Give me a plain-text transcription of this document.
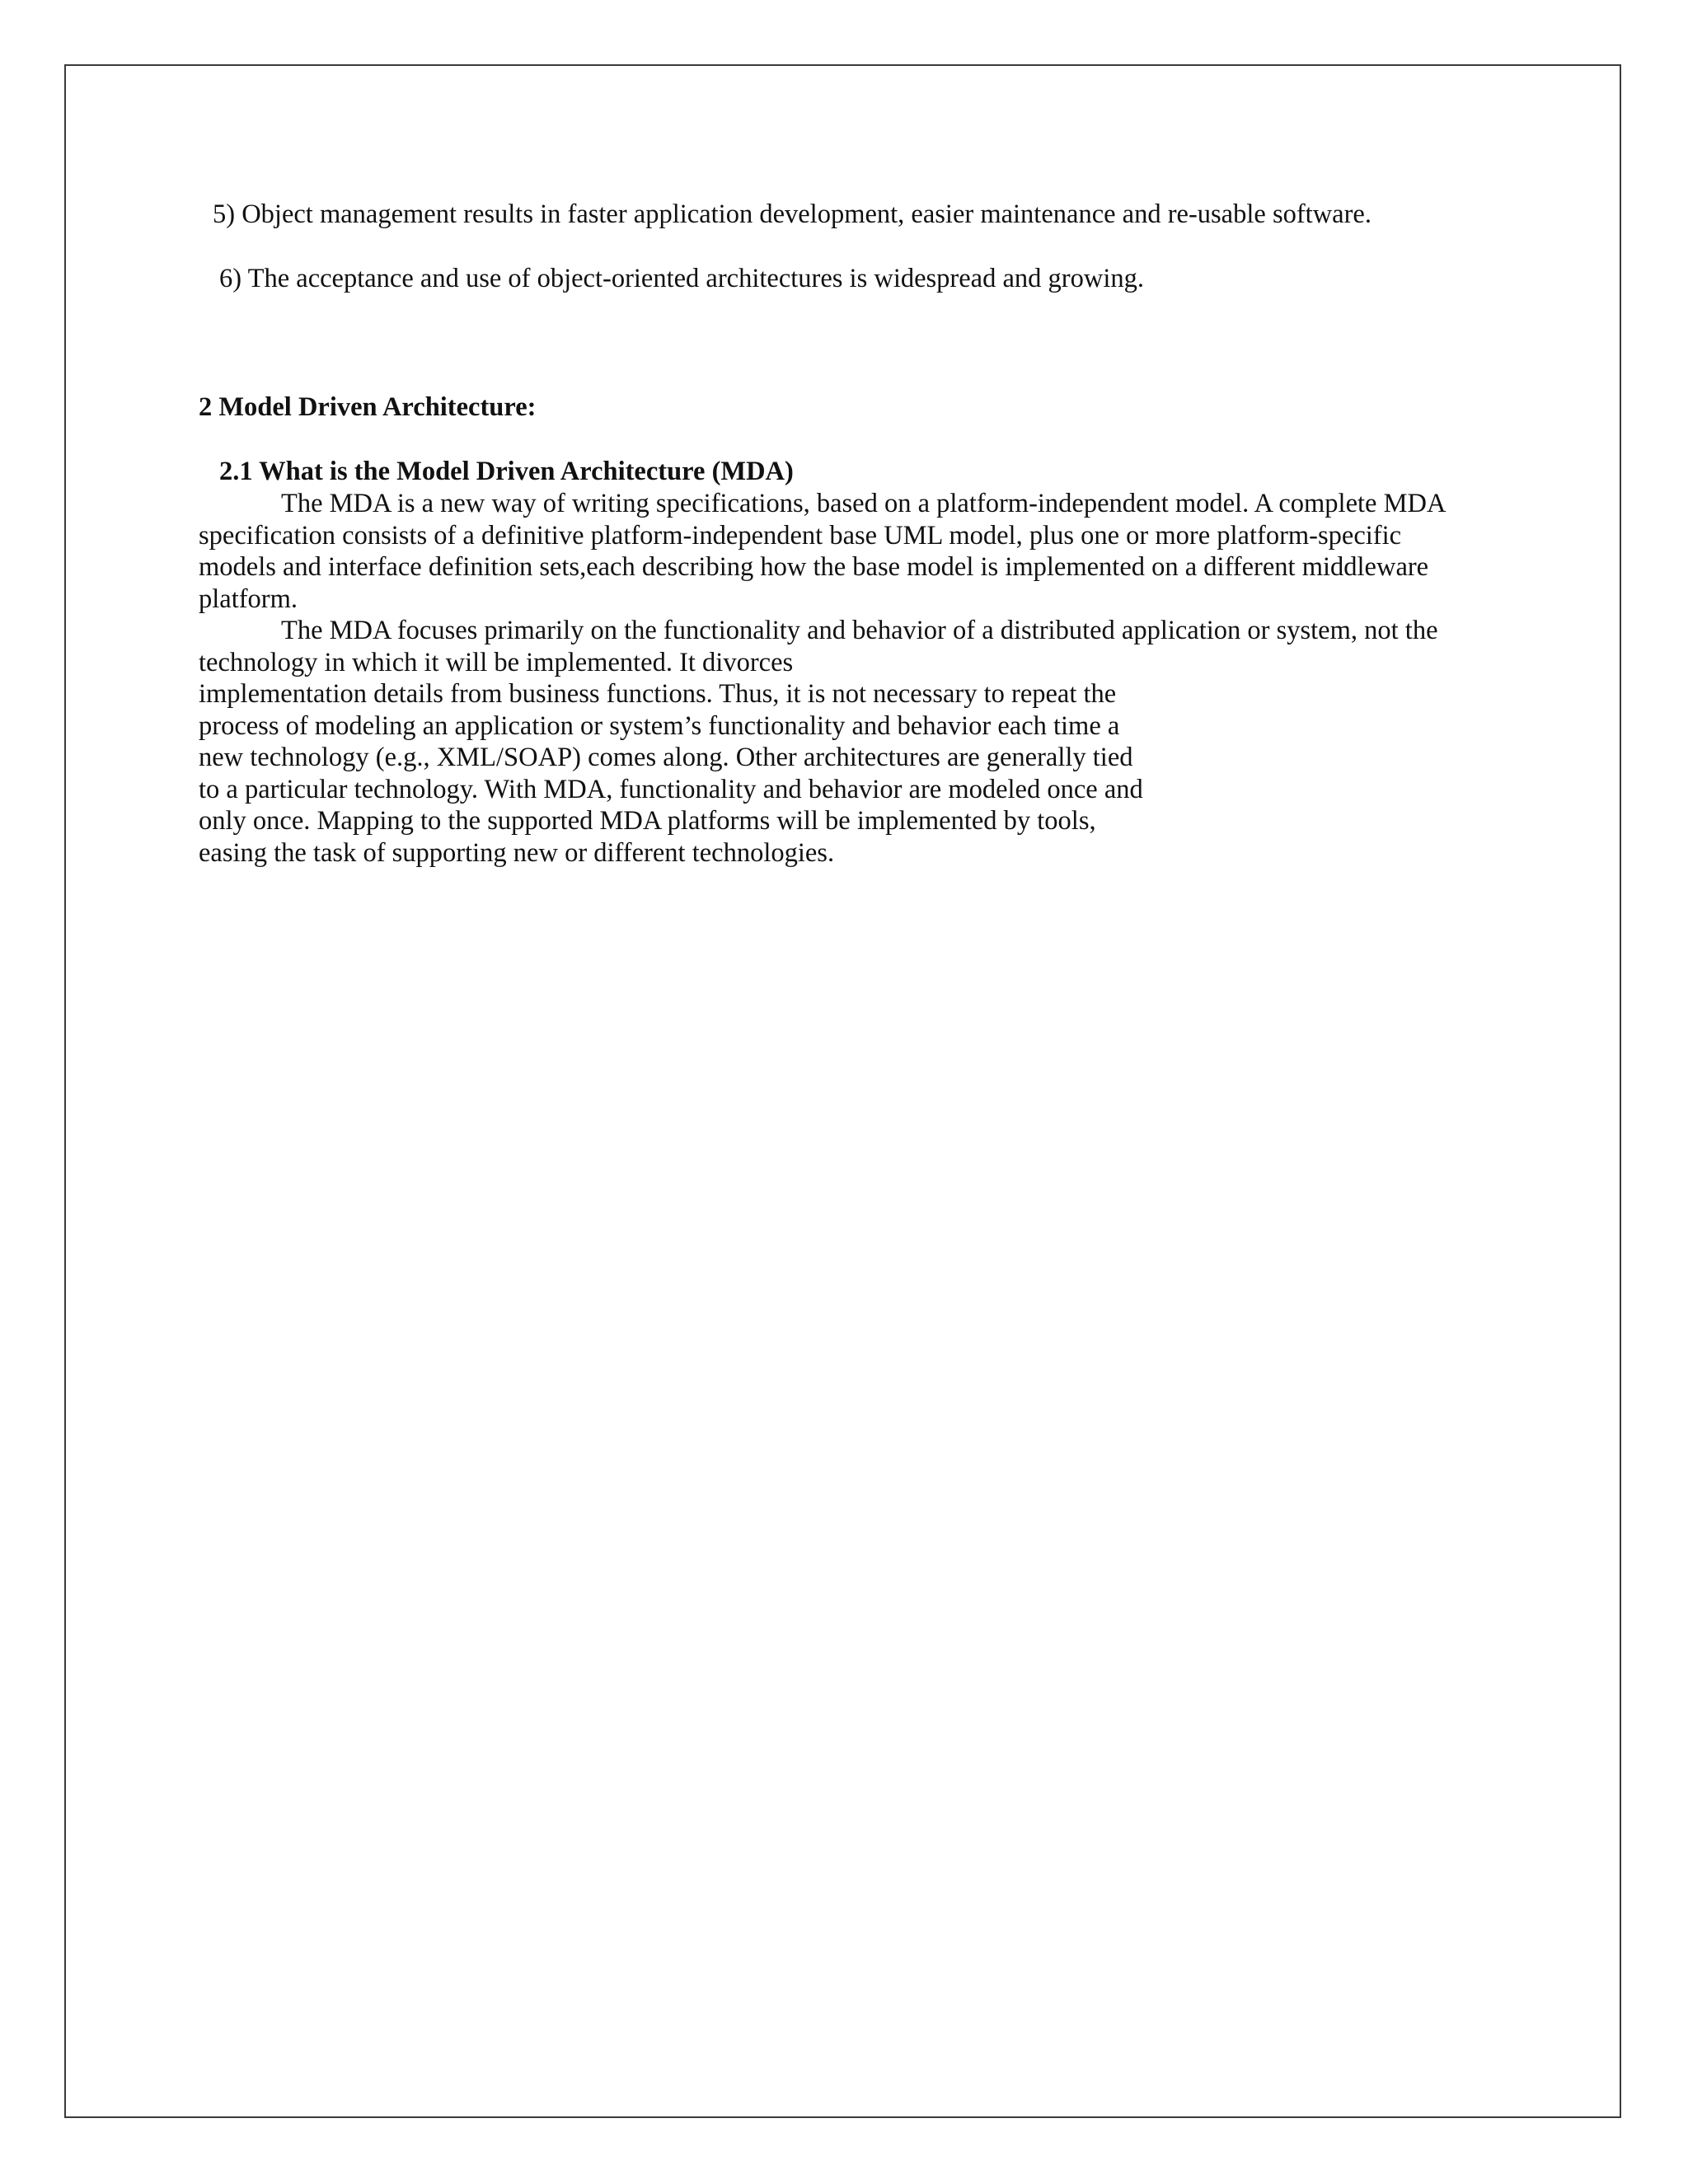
5) Object management results in faster application development, easier maintenance and re-usable software.
6) The acceptance and use of object-oriented architectures is widespread and growing.
2 Model Driven Architecture:
2.1 What is the Model Driven Architecture (MDA)
The MDA is a new way of writing specifications, based on a platform-independent model. A complete MDA
specification consists of a definitive platform-independent base UML model, plus one or more platform-specific
models and interface definition sets,each describing how the base model is implemented on a different middleware
platform.
The MDA focuses primarily on the functionality and behavior of a distributed application or system, not the
technology in which it will be implemented. It divorces
implementation details from business functions. Thus, it is not necessary to repeat the
process of modeling an application or system’s functionality and behavior each time a
new technology (e.g., XML/SOAP) comes along. Other architectures are generally tied
to a particular technology. With MDA, functionality and behavior are modeled once and
only once. Mapping to the supported MDA platforms will be implemented by tools,
easing the task of supporting new or different technologies.
